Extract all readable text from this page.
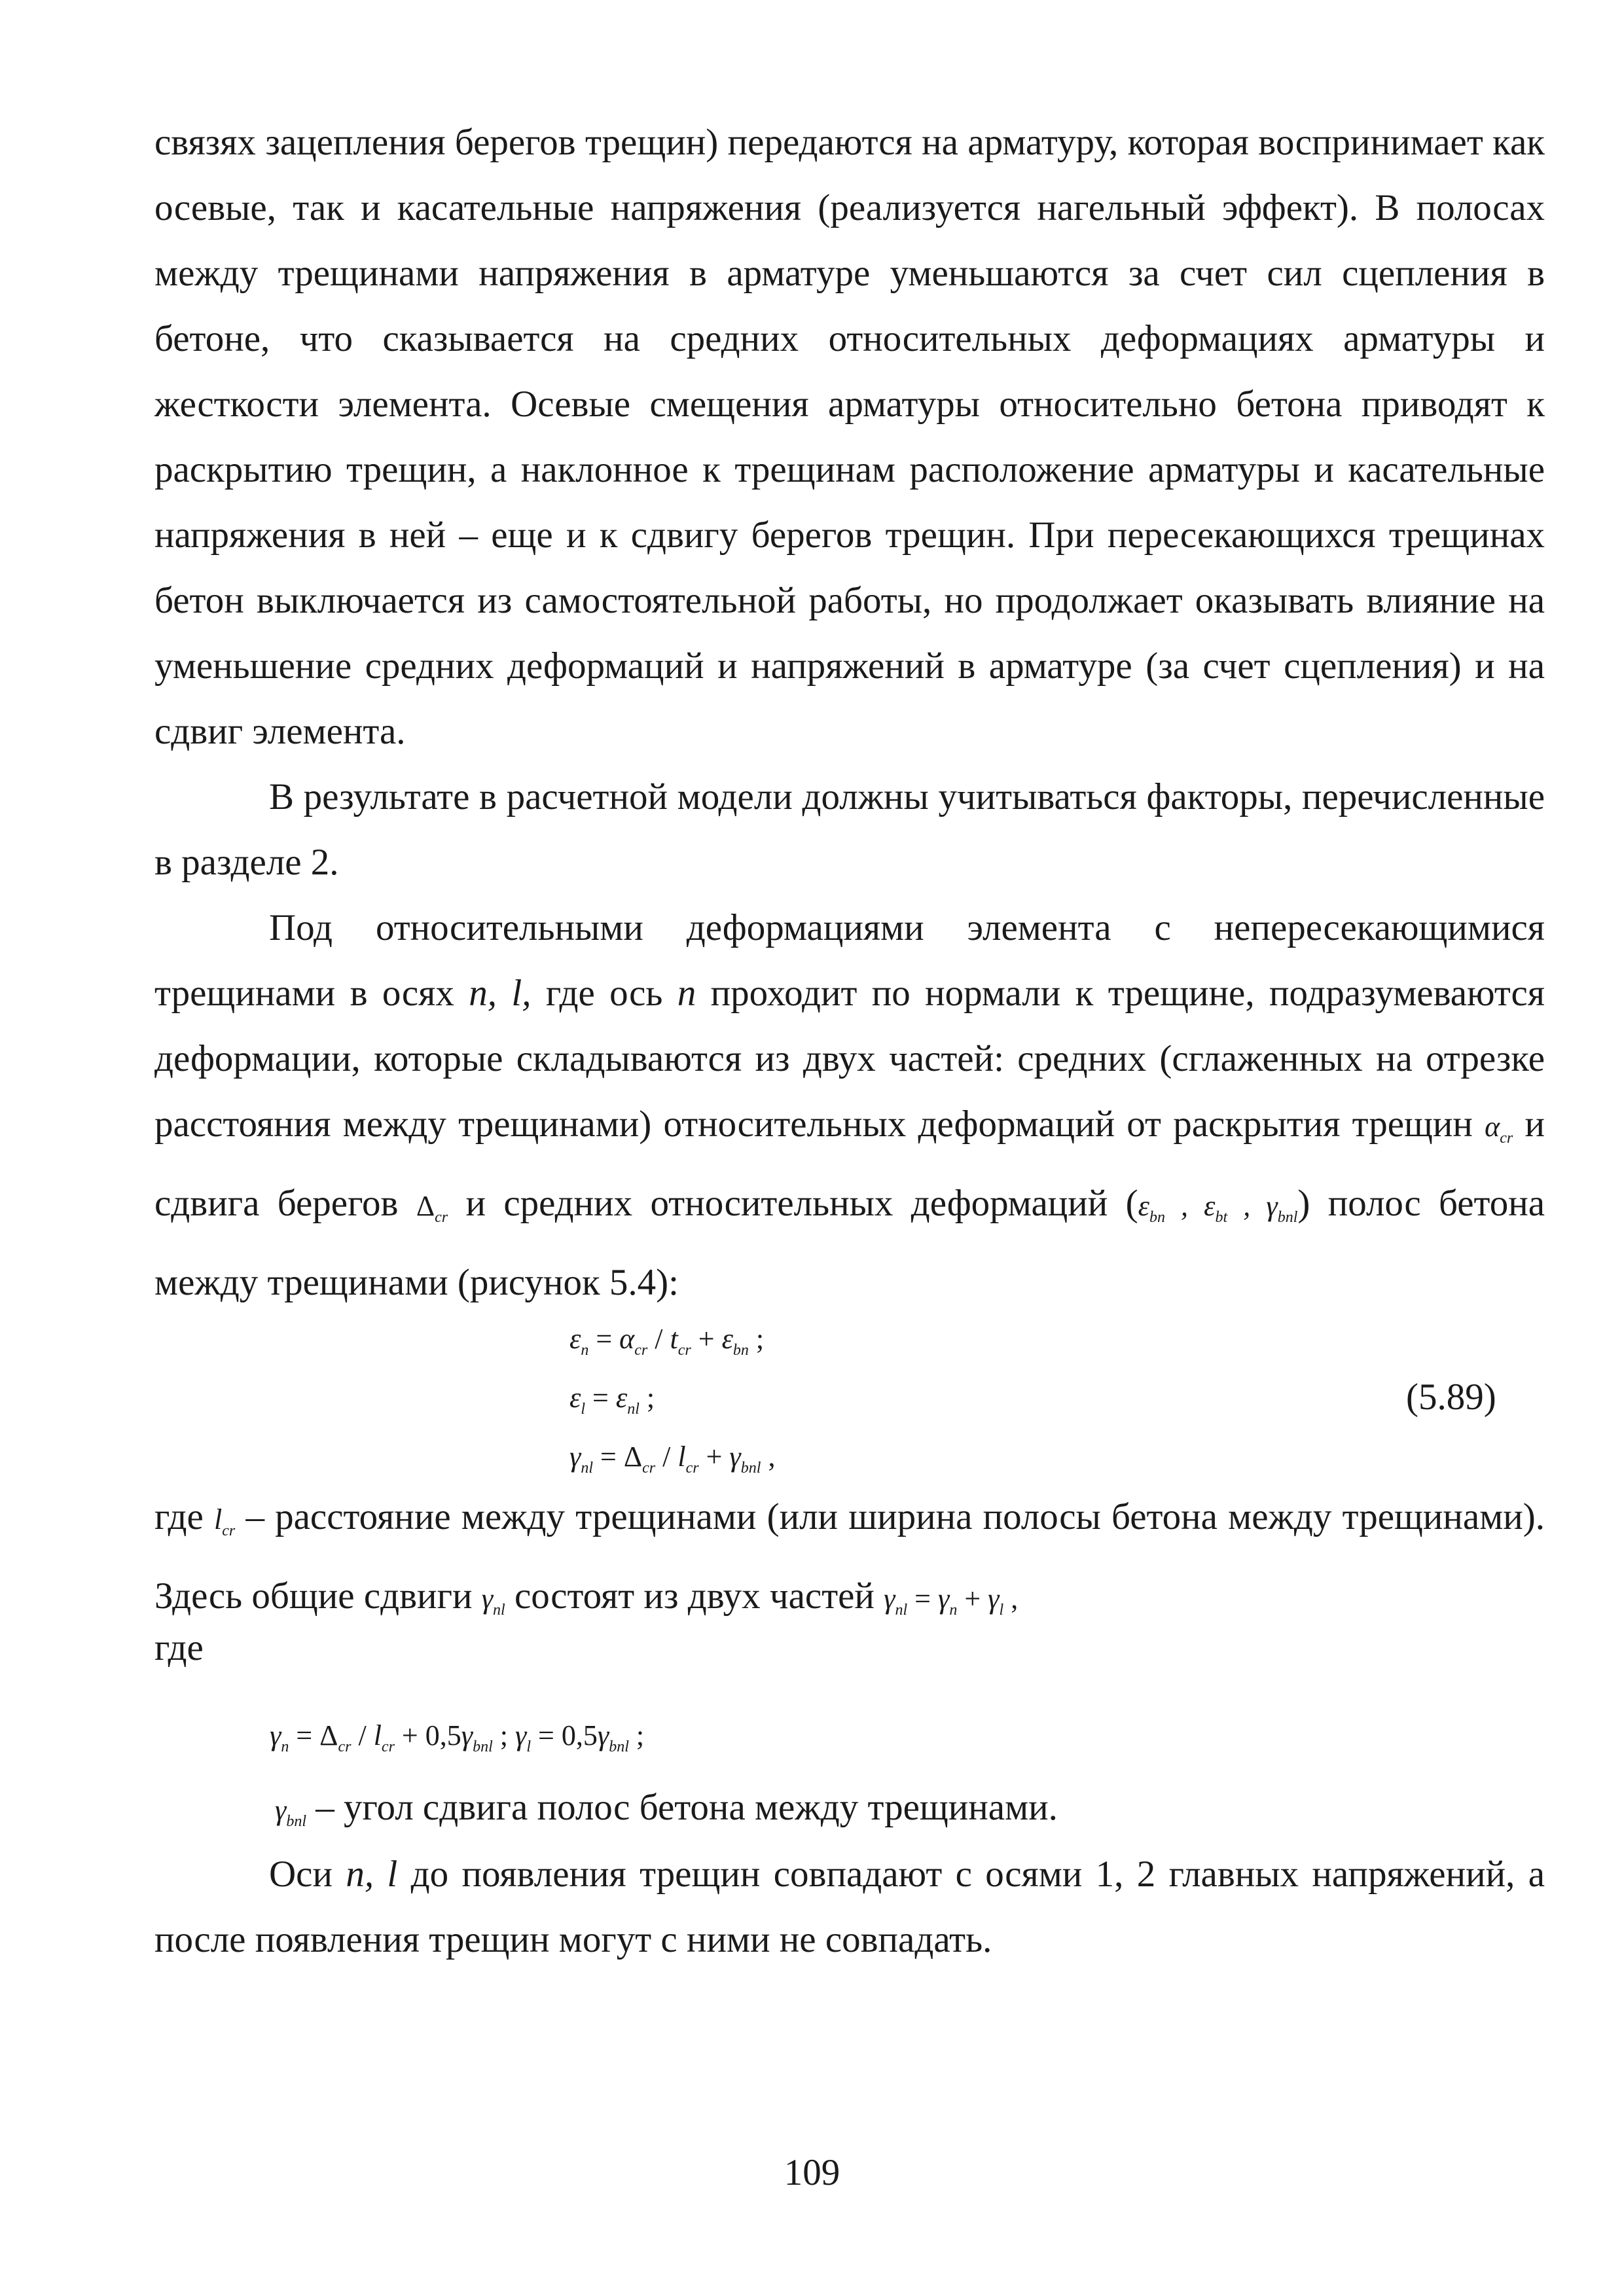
связях зацепления берегов трещин) передаются на арматуру, которая воспринимает как осевые, так и касательные напряжения (реализуется нагельный эффект). В полосах между трещинами напряжения в арматуре уменьшаются за счет сил сцепления в бетоне, что сказывается на средних относительных деформациях арматуры и жесткости элемента. Осевые смещения арматуры относительно бетона приводят к раскрытию трещин, а наклонное к трещинам расположение арматуры и касательные напряжения в ней – еще и к сдвигу берегов трещин. При пересекающихся трещинах бетон выключается из самостоятельной работы, но продолжает оказывать влияние на уменьшение средних деформаций и напряжений в арматуре (за счет сцепления) и на сдвиг элемента.

В результате в расчетной модели должны учитываться факторы, перечисленные в разделе 2.

Под относительными деформациями элемента с непересекающимися трещинами в осях n, l, где ось n проходит по нормали к трещине, подразумеваются деформации, которые складываются из двух частей: средних (сглаженных на отрезке расстояния между трещинами) относительных деформаций от раскрытия трещин $\alpha_{cr}$ и сдвига берегов $\Delta_{cr}$ и средних относительных деформаций ($\varepsilon_{bn}$ , $\varepsilon_{bt}$ , $\gamma_{bnl}$) полос бетона между трещинами (рисунок 5.4):

$\varepsilon_n = \alpha_{cr} / t_{cr} + \varepsilon_{bn}$ ;
$\varepsilon_l = \varepsilon_{nl}$ ;
$\gamma_{nl} = \Delta_{cr} / l_{cr} + \gamma_{bnl}$ ,
(5.89)

где $l_{cr}$ – расстояние между трещинами (или ширина полосы бетона между трещинами). Здесь общие сдвиги $\gamma_{nl}$ состоят из двух частей $\gamma_{nl} = \gamma_n + \gamma_l$ ,

где

$\gamma_n = \Delta_{cr} / l_{cr} + 0,5\gamma_{bnl}$ ; $\gamma_l = 0,5\gamma_{bnl}$ ;

$\gamma_{bnl}$ – угол сдвига полос бетона между трещинами.

Оси n, l до появления трещин совпадают с осями 1, 2 главных напряжений, а после появления трещин могут с ними не совпадать.

109
